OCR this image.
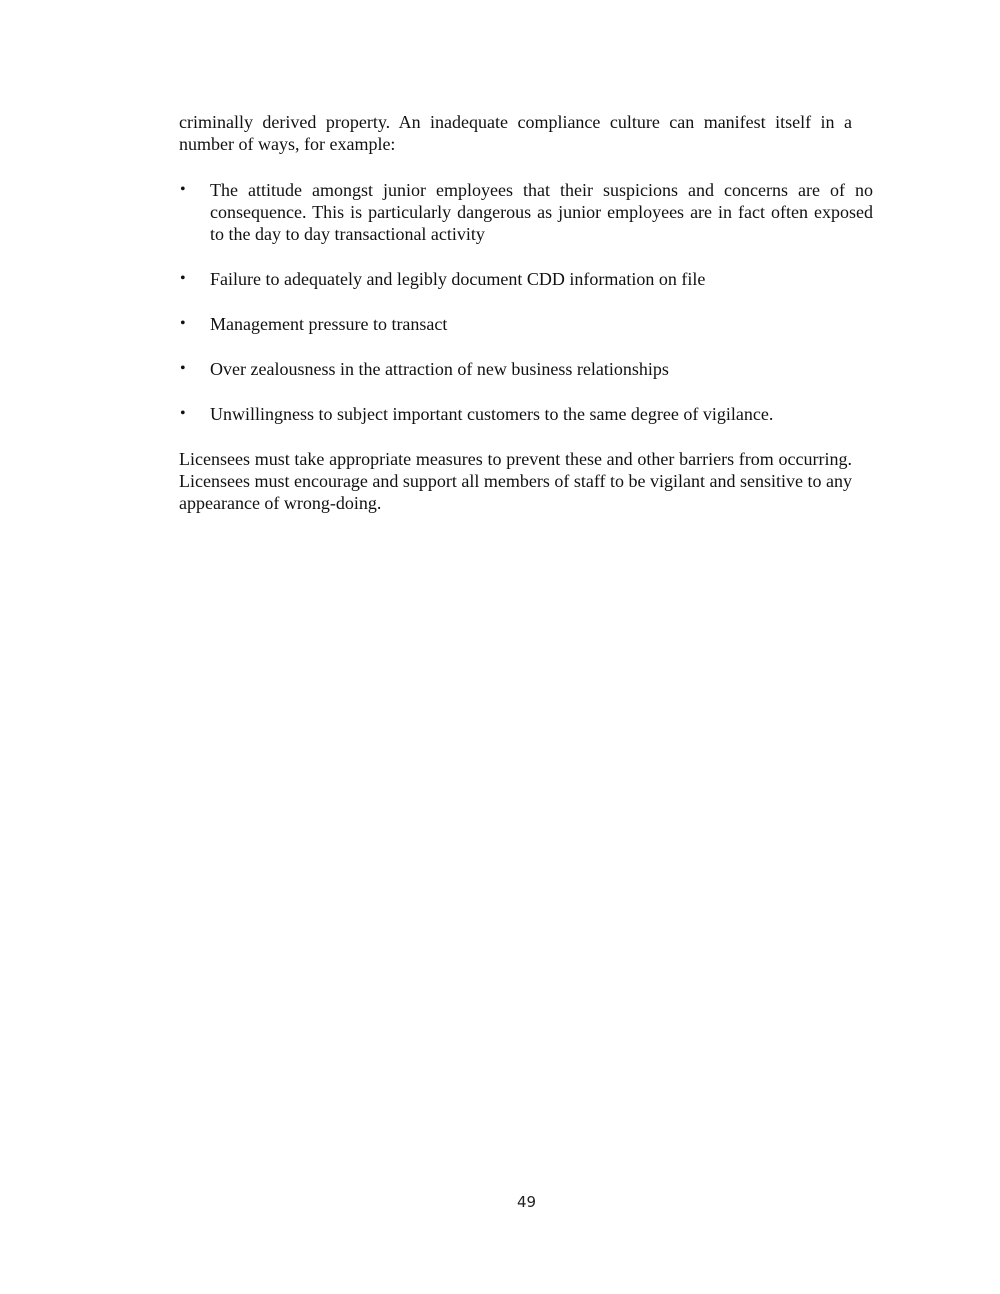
criminally derived property. An inadequate compliance culture can manifest itself in a number of ways, for example:

• The attitude amongst junior employees that their suspicions and concerns are of no consequence. This is particularly dangerous as junior employees are in fact often exposed to the day to day transactional activity
• Failure to adequately and legibly document CDD information on file
• Management pressure to transact
• Over zealousness in the attraction of new business relationships
• Unwillingness to subject important customers to the same degree of vigilance.

Licensees must take appropriate measures to prevent these and other barriers from occurring. Licensees must encourage and support all members of staff to be vigilant and sensitive to any appearance of wrong-doing.

49
